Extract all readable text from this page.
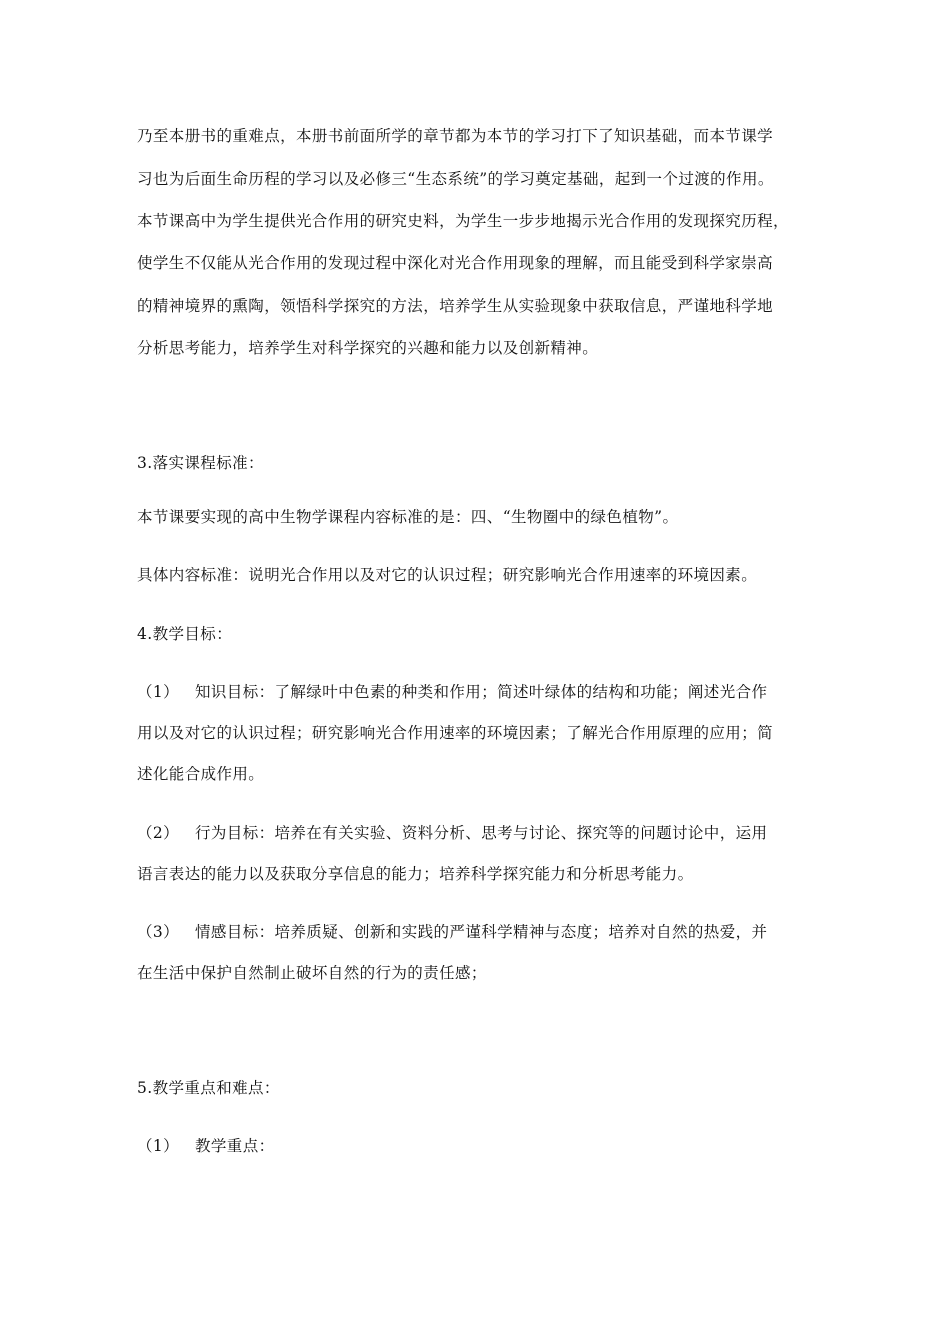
乃至本册书的重难点，本册书前面所学的章节都为本节的学习打下了知识基础，而本节课学
习也为后面生命历程的学习以及必修三“生态系统”的学习奠定基础，起到一个过渡的作用。
本节课高中为学生提供光合作用的研究史料，为学生一步步地揭示光合作用的发现探究历程，
使学生不仅能从光合作用的发现过程中深化对光合作用现象的理解，而且能受到科学家崇高
的精神境界的熏陶，领悟科学探究的方法，培养学生从实验现象中获取信息，严谨地科学地
分析思考能力，培养学生对科学探究的兴趣和能力以及创新精神。
3.落实课程标准：
本节课要实现的高中生物学课程内容标准的是：四、“生物圈中的绿色植物”。
具体内容标准：说明光合作用以及对它的认识过程；研究影响光合作用速率的环境因素。
4.教学目标：
（1） 知识目标：了解绿叶中色素的种类和作用；简述叶绿体的结构和功能；阐述光合作
用以及对它的认识过程；研究影响光合作用速率的环境因素；了解光合作用原理的应用；简
述化能合成作用。
（2） 行为目标：培养在有关实验、资料分析、思考与讨论、探究等的问题讨论中，运用
语言表达的能力以及获取分享信息的能力；培养科学探究能力和分析思考能力。
（3） 情感目标：培养质疑、创新和实践的严谨科学精神与态度；培养对自然的热爱，并
在生活中保护自然制止破坏自然的行为的责任感；
5.教学重点和难点：
（1） 教学重点：
